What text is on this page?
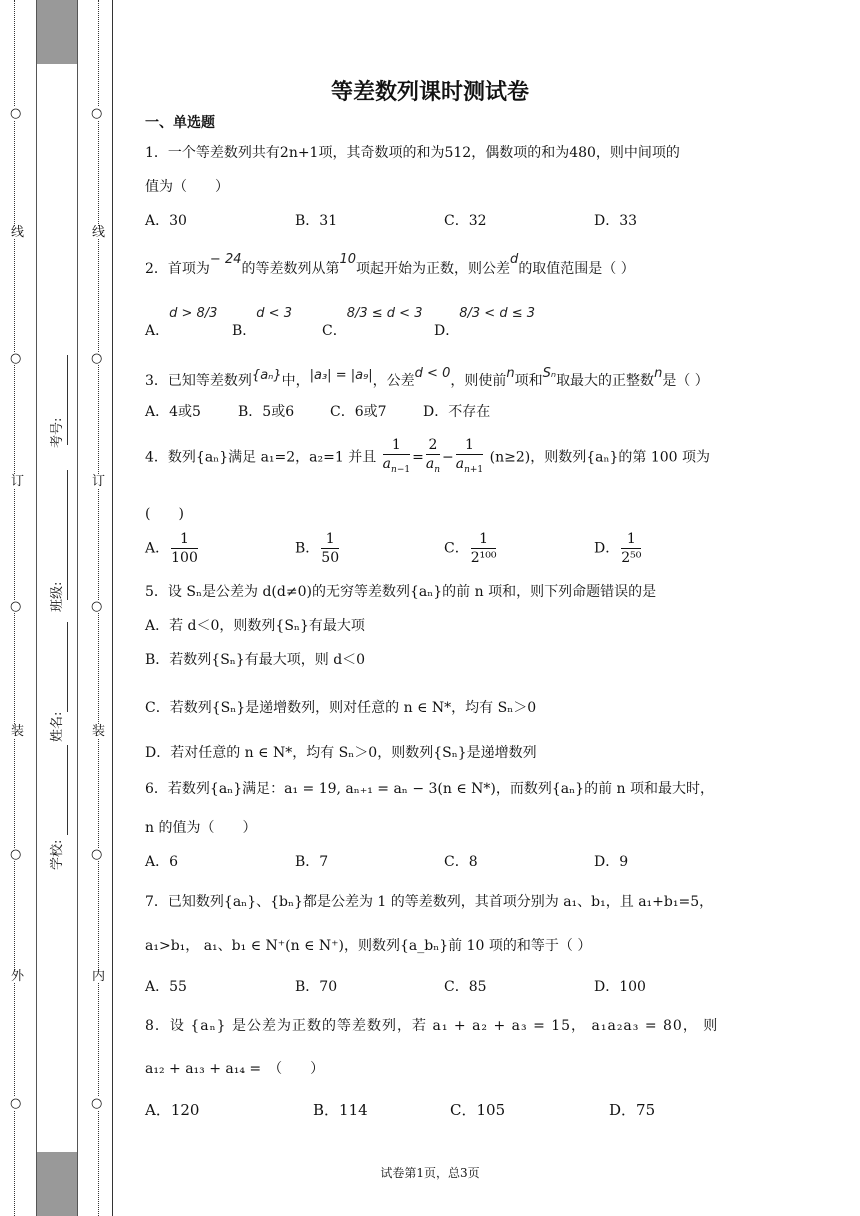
线
订
装
外
○
○
○
○
○
考号:
班级:
姓名:
学校:
线
订
装
内
○
○
○
○
○
等差数列课时测试卷
一、单选题
1．一个等差数列共有2n+1项，其奇数项的和为512，偶数项的和为480，则中间项的
值为（　　）
A．30	B．31	C．32	D．33
2．首项为− 24的等差数列从第10项起开始为正数，则公差d的取值范围是（ ）
A．d > 8/3
B．d < 3
C．8/3 ≤ d < 3
D．8/3 < d ≤ 3
3．已知等差数列{aₙ}中，|a₃| = |a₉|，公差d < 0，则使前n项和Sₙ取最大的正整数n是（ ）
A．4或5	B．5或6	C．6或7	D．不存在
4．数列{aₙ}满足 a₁=2，a₂=1 并且 $\frac{1}{a_{n-1}} = \frac{2}{a_n} - \frac{1}{a_{n+1}} (n\ge 2)$，则数列{aₙ}的第 100 项为
(　　)
A． $\frac{1}{100}$	B． $\frac{1}{50}$	C． $\frac{1}{\text{2¹⁰⁰}}$	D． $\frac{1}{\text{2⁵⁰}}$
5．设 Sₙ是公差为 d(d≠0)的无穷等差数列{aₙ}的前 n 项和，则下列命题错误的是
A．若 d＜0，则数列{Sₙ}有最大项
B．若数列{Sₙ}有最大项，则 d＜0
C．若数列{Sₙ}是递增数列，则对任意的 n ∈ N*，均有 Sₙ＞0
D．若对任意的 n ∈ N*，均有 Sₙ＞0，则数列{Sₙ}是递增数列
6．若数列{aₙ}满足：a₁ = 19, aₙ₊₁ = aₙ − 3(n ∈ N*)，而数列{aₙ}的前 n 项和最大时，
n 的值为（　　）
A．6	B．7	C．8	D．9
7．已知数列{aₙ}、{bₙ}都是公差为 1 的等差数列，其首项分别为 a₁、b₁，且 a₁+b₁=5，
a₁>b₁， a₁、b₁ ∈ N⁺(n ∈ N⁺)，则数列{a_bₙ}前 10 项的和等于（ ）
A．55	B．70	C．85	D．100
8．设 {aₙ} 是公差为正数的等差数列，若 a₁ + a₂ + a₃ = 15， a₁a₂a₃ = 80， 则
a₁₂ + a₁₃ + a₁₄ =　（　　）
A．120	B．114	C．105	D．75
试卷第1页，总3页
